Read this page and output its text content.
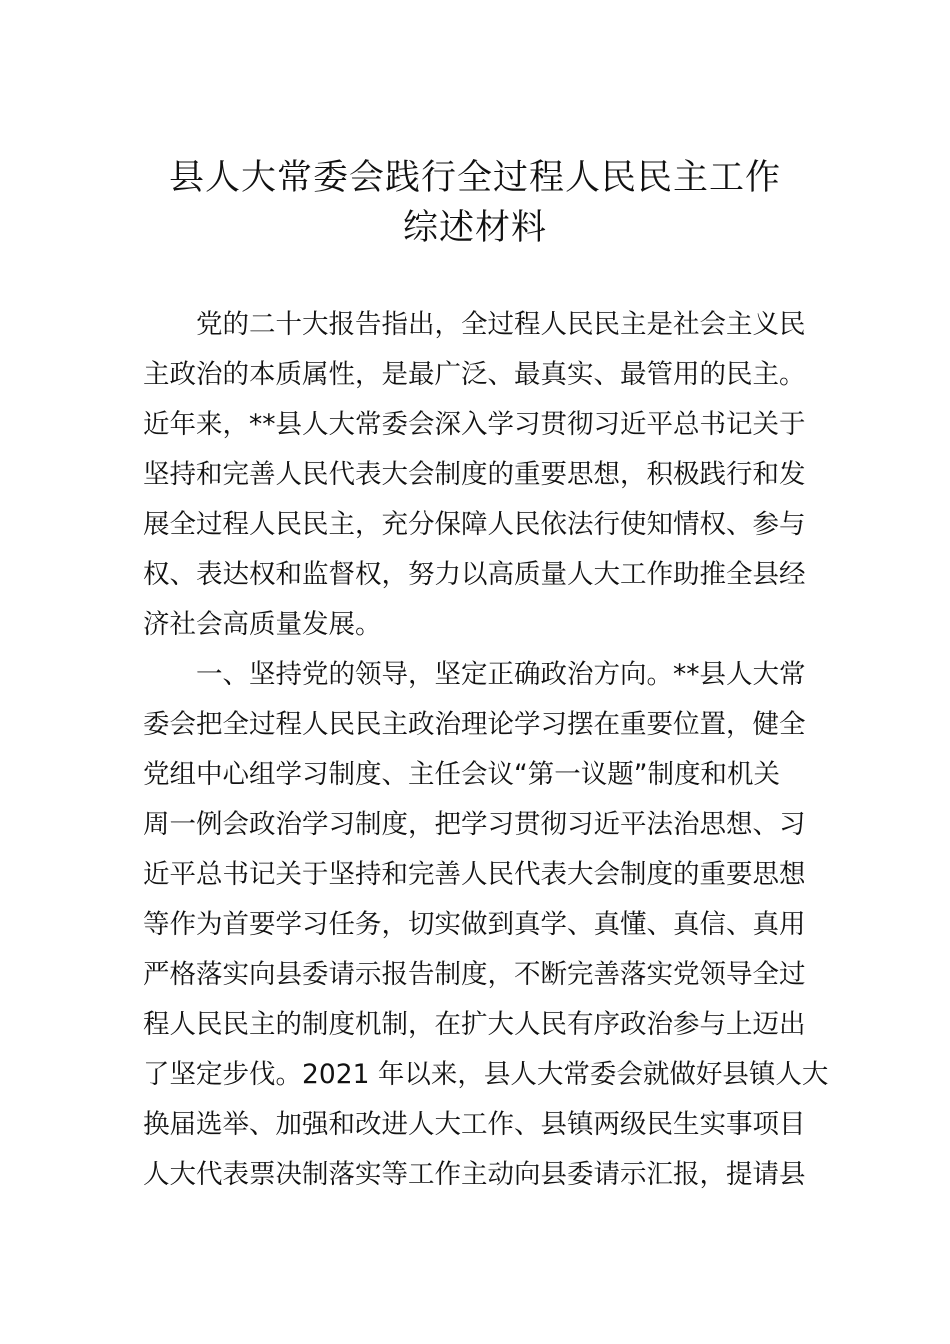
县人大常委会践行全过程人民民主工作
综述材料
党的二十大报告指出，全过程人民民主是社会主义民
主政治的本质属性，是最广泛、最真实、最管用的民主。
近年来，**县人大常委会深入学习贯彻习近平总书记关于
坚持和完善人民代表大会制度的重要思想，积极践行和发
展全过程人民民主，充分保障人民依法行使知情权、参与
权、表达权和监督权，努力以高质量人大工作助推全县经
济社会高质量发展。
一、坚持党的领导，坚定正确政治方向。**县人大常
委会把全过程人民民主政治理论学习摆在重要位置，健全
党组中心组学习制度、主任会议“第一议题”制度和机关
周一例会政治学习制度，把学习贯彻习近平法治思想、习
近平总书记关于坚持和完善人民代表大会制度的重要思想
等作为首要学习任务，切实做到真学、真懂、真信、真用
严格落实向县委请示报告制度，不断完善落实党领导全过
程人民民主的制度机制，在扩大人民有序政治参与上迈出
了坚定步伐。2021 年以来，县人大常委会就做好县镇人大
换届选举、加强和改进人大工作、县镇两级民生实事项目
人大代表票决制落实等工作主动向县委请示汇报，提请县
